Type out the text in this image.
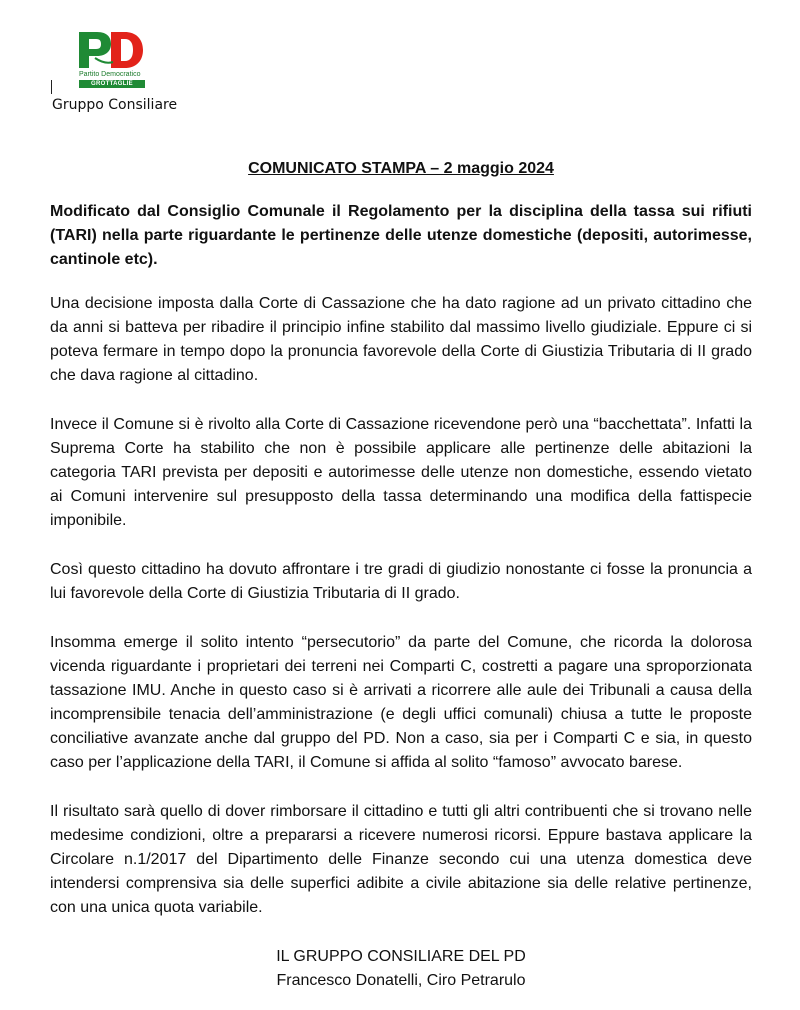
Partito Democratico
GROTTAGLIE
Gruppo Consiliare

COMUNICATO STAMPA – 2 maggio 2024

Modificato dal Consiglio Comunale il Regolamento per la disciplina della tassa sui rifiuti (TARI) nella parte riguardante le pertinenze delle utenze domestiche (depositi, autorimesse, cantinole etc).

Una decisione imposta dalla Corte di Cassazione che ha dato ragione ad un privato cittadino che da anni si batteva per ribadire il principio infine stabilito dal massimo livello giudiziale. Eppure ci si poteva fermare in tempo dopo la pronuncia favorevole della Corte di Giustizia Tributaria di II grado che dava ragione al cittadino.

Invece il Comune si è rivolto alla Corte di Cassazione ricevendone però una “bacchettata”. Infatti la Suprema Corte ha stabilito che non è possibile applicare alle pertinenze delle abitazioni la categoria TARI prevista per depositi e autorimesse delle utenze non domestiche, essendo vietato ai Comuni intervenire sul presupposto della tassa determinando una modifica della fattispecie imponibile.

Così questo cittadino ha dovuto affrontare i tre gradi di giudizio nonostante ci fosse la pronuncia a lui favorevole della Corte di Giustizia Tributaria di II grado.

Insomma emerge il solito intento “persecutorio” da parte del Comune, che ricorda la dolorosa vicenda riguardante i proprietari dei terreni nei Comparti C, costretti a pagare una sproporzionata tassazione IMU. Anche in questo caso si è arrivati a ricorrere alle aule dei Tribunali a causa della incomprensibile tenacia dell’amministrazione (e degli uffici comunali) chiusa a tutte le proposte conciliative avanzate anche dal gruppo del PD. Non a caso, sia per i Comparti C e sia, in questo caso per l’applicazione della TARI, il Comune si affida al solito “famoso” avvocato barese.

Il risultato sarà quello di dover rimborsare il cittadino e tutti gli altri contribuenti che si trovano nelle medesime condizioni, oltre a prepararsi a ricevere numerosi ricorsi. Eppure bastava applicare la Circolare n.1/2017 del Dipartimento delle Finanze secondo cui una utenza domestica deve intendersi comprensiva sia delle superfici adibite a civile abitazione sia delle relative pertinenze, con una unica quota variabile.

IL GRUPPO CONSILIARE DEL PD
Francesco Donatelli, Ciro Petrarulo
